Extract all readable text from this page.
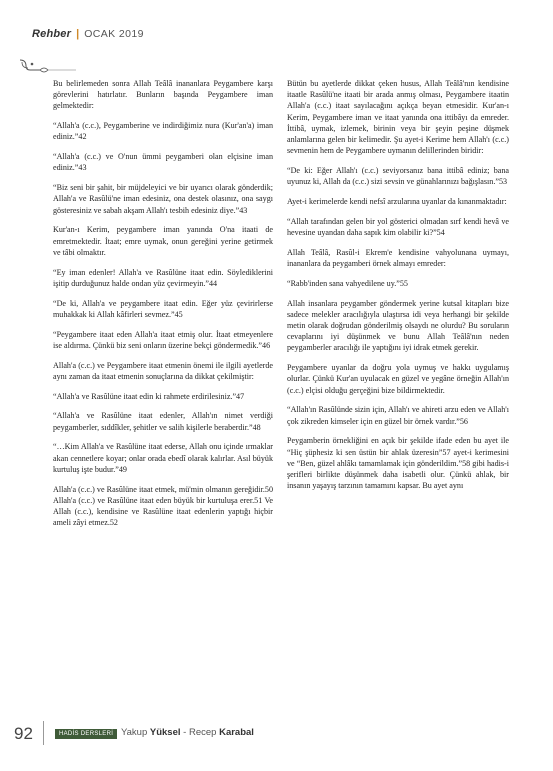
Rehber | OCAK 2019

Bu belirlemeden sonra Allah Teâlâ inananlara Peygambere karşı görevlerini hatırlatır. Bunların başında Peygambere iman gelmektedir:

“Allah'a (c.c.), Peygamberine ve indirdiğimiz nura (Kur'an'a) iman ediniz.”42

“Allah'a (c.c.) ve O'nun ümmi peygamberi olan elçisine iman ediniz.”43

“Biz seni bir şahit, bir müjdeleyici ve bir uyarıcı olarak gönderdik; Allah'a ve Rasûlü'ne iman edesiniz, ona destek olasınız, ona saygı gösteresiniz ve sabah akşam Allah'ı tesbih edesiniz diye.”43

Kur'an-ı Kerim, peygambere iman yanında O'na itaati de emretmektedir. İtaat; emre uymak, onun gereğini yerine getirmek ve tâbi olmaktır.

“Ey iman edenler! Allah'a ve Rasûlüne itaat edin. Söylediklerini işitip durduğunuz halde ondan yüz çevirmeyin.”44

“De ki, Allah'a ve peygambere itaat edin. Eğer yüz çevirirlerse muhakkak ki Allah kâfirleri sevmez.”45

“Peygambere itaat eden Allah'a itaat etmiş olur. İtaat etmeyenlere ise aldırma. Çünkü biz seni onların üzerine bekçi göndermedik.”46

Allah'a (c.c.) ve Peygambere itaat etmenin önemi ile ilgili ayetlerde aynı zaman da itaat etmenin sonuçlarına da dikkat çekilmiştir:

“Allah'a ve Rasûlüne itaat edin ki rahmete erdirilesiniz.”47

“Allah'a ve Rasûlüne itaat edenler, Allah'ın nimet verdiği peygamberler, sıddîkler, şehitler ve salih kişilerle beraberdir.”48

“…Kim Allah'a ve Rasûlüne itaat ederse, Allah onu içinde ırmaklar akan cennetlere koyar; onlar orada ebedî olarak kalırlar. Asıl büyük kurtuluş işte budur.”49

Allah'a (c.c.) ve Rasûlüne itaat etmek, mü'min olmanın gereğidir.50 Allah'a (c.c.) ve Rasûlüne itaat eden büyük bir kurtuluşa erer.51 Ve Allah (c.c.), kendisine ve Rasûlüne itaat edenlerin yaptığı hiçbir ameli zâyi etmez.52

Bütün bu ayetlerde dikkat çeken husus, Allah Teâlâ'nın kendisine itaatle Rasûlü'ne itaati bir arada anmış olması, Peygambere itaatin Allah'a (c.c.) itaat sayılacağını açıkça beyan etmesidir. Kur'an-ı Kerim, Peygambere iman ve itaat yanında ona ittibâyı da emreder. İttibâ, uymak, izlemek, birinin veya bir şeyin peşine düşmek anlamlarına gelen bir kelimedir. Şu ayet-i Kerime hem Allah'ı (c.c.) sevmenin hem de Peygambere uymanın delillerinden biridir:

“De ki: Eğer Allah'ı (c.c.) seviyorsanız bana ittibâ ediniz; bana uyunuz ki, Allah da (c.c.) sizi sevsin ve günahlarınızı bağışlasın.”53

Ayet-i kerimelerde kendi nefsî arzularına uyanlar da kınanmaktadır:

“Allah tarafından gelen bir yol gösterici olmadan sırf kendi hevâ ve hevesine uyandan daha sapık kim olabilir ki?”54

Allah Teâlâ, Rasûl-i Ekrem'e kendisine vahyolunana uymayı, inananlara da peygamberi örnek almayı emreder:

“Rabb'inden sana vahyedilene uy.”55

Allah insanlara peygamber göndermek yerine kutsal kitapları bize sadece melekler aracılığıyla ulaştırsa idi veya herhangi bir şekilde metin olarak doğrudan gönderilmiş olsaydı ne olurdu? Bu soruların cevaplarını iyi düşünmek ve bunu Allah Teâlâ'nın neden peygamberler aracılığı ile yaptığını iyi idrak etmek gerekir.

Peygambere uyanlar da doğru yola uymuş ve hakkı uygulamış olurlar. Çünkü Kur'an uyulacak en güzel ve yegâne örneğin Allah'ın (c.c.) elçisi olduğu gerçeğini bize bildirmektedir.

“Allah'ın Rasûlünde sizin için, Allah'ı ve ahireti arzu eden ve Allah'ı çok zikreden kimseler için en güzel bir örnek vardır.”56

Peygamberin örnekliğini en açık bir şekilde ifade eden bu ayet ile “Hiç şüphesiz ki sen üstün bir ahlak üzeresin”57 ayet-i kerimesini ve “Ben, güzel ahlâkı tamamlamak için gönderildim.”58 gibi hadis-i şerifleri birlikte düşünmek daha isabetli olur. Çünkü ahlak, bir insanın yaşayış tarzının tamamını kapsar. Bu ayet aynı

92	HADİS DERSLERİ Yakup Yüksel - Recep Karabal
